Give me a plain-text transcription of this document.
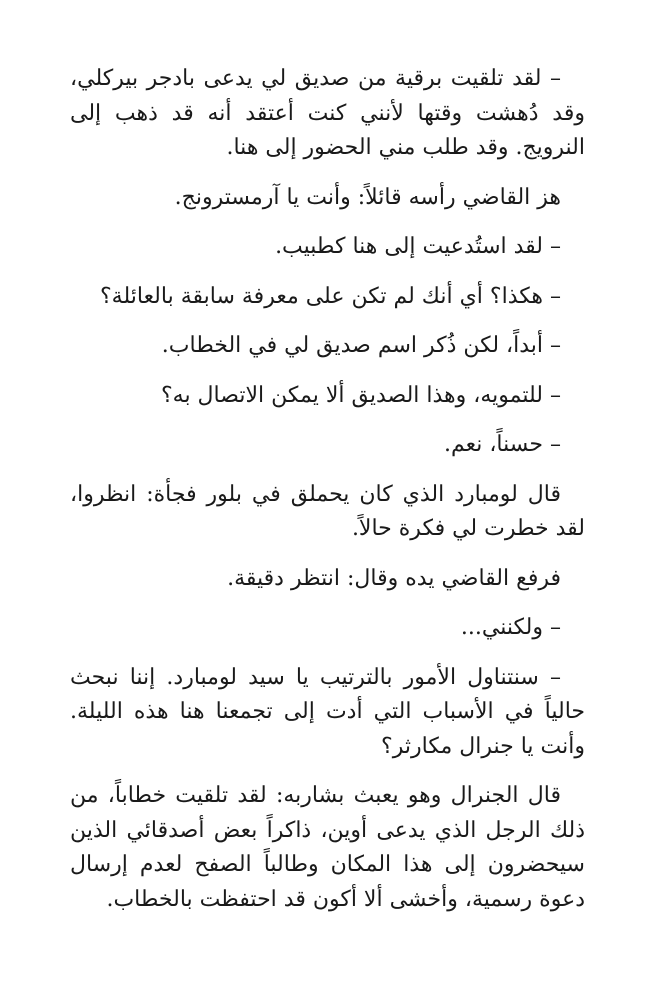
– لقد تلقيت برقية من صديق لي يدعى بادجر بيركلي، وقد دُهشت وقتها لأنني كنت أعتقد أنه قد ذهب إلى النرويج. وقد طلب مني الحضور إلى هنا.

هز القاضي رأسه قائلاً: وأنت يا آرمسترونج.

– لقد استُدعيت إلى هنا كطبيب.

– هكذا؟ أي أنك لم تكن على معرفة سابقة بالعائلة؟

– أبداً، لكن ذُكر اسم صديق لي في الخطاب.

– للتمويه، وهذا الصديق ألا يمكن الاتصال به؟

– حسناً، نعم.

قال لومبارد الذي كان يحملق في بلور فجأة: انظروا، لقد خطرت لي فكرة حالاً.

فرفع القاضي يده وقال: انتظر دقيقة.

– ولكنني...

– سنتناول الأمور بالترتيب يا سيد لومبارد. إننا نبحث حالياً في الأسباب التي أدت إلى تجمعنا هنا هذه الليلة. وأنت يا جنرال مكارثر؟

قال الجنرال وهو يعبث بشاربه: لقد تلقيت خطاباً، من ذلك الرجل الذي يدعى أوين، ذاكراً بعض أصدقائي الذين سيحضرون إلى هذا المكان وطالباً الصفح لعدم إرسال دعوة رسمية، وأخشى ألا أكون قد احتفظت بالخطاب.
